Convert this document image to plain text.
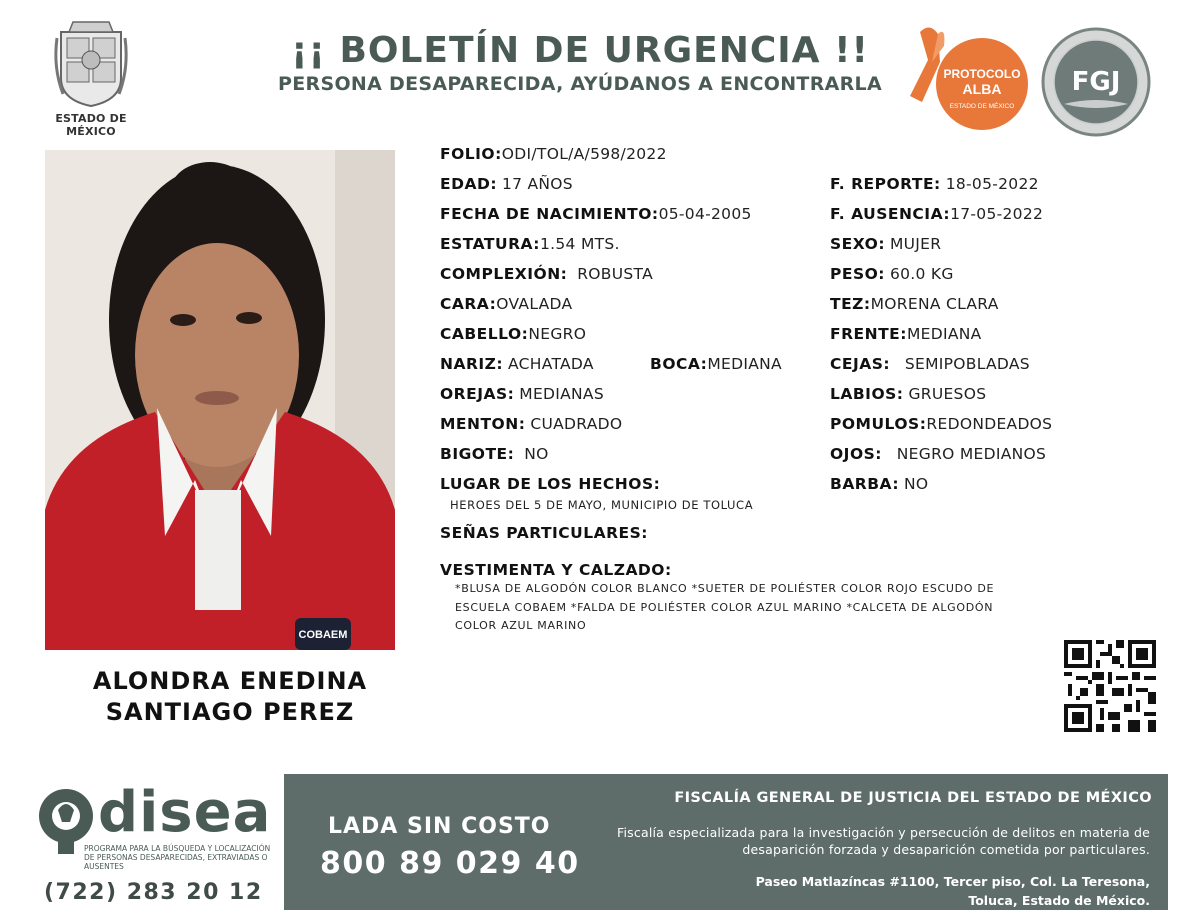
ESTADO DE MÉXICO
¡¡ BOLETÍN DE URGENCIA !!
PERSONA DESAPARECIDA, AYÚDANOS A ENCONTRARLA	PROTOCOLO
ALBA
ESTADO DE MÉXICO
FGJ
COBAEM
ALONDRA ENEDINA
SANTIAGO PEREZ
FOLIO:ODI/TOL/A/598/2022
EDAD: 17 AÑOS
FECHA DE NACIMIENTO:05-04-2005
ESTATURA:1.54 MTS.
COMPLEXIÓN: ROBUSTA
CARA:OVALADA
CABELLO:NEGRO
NARIZ: ACHATADA	BOCA:MEDIANA
OREJAS: MEDIANAS
MENTON: CUADRADO
BIGOTE: NO
LUGAR DE LOS HECHOS:
HEROES DEL 5 DE MAYO, MUNICIPIO DE TOLUCA
SEÑAS PARTICULARES:
VESTIMENTA Y CALZADO:
*BLUSA DE ALGODÓN COLOR BLANCO *SUETER DE POLIÉSTER COLOR ROJO ESCUDO DE ESCUELA COBAEM *FALDA DE POLIÉSTER COLOR AZUL MARINO *CALCETA DE ALGODÓN COLOR AZUL MARINO
F. REPORTE: 18-05-2022
F. AUSENCIA:17-05-2022
SEXO: MUJER
PESO: 60.0 KG
TEZ:MORENA CLARA
FRENTE:MEDIANA
CEJAS: SEMIPOBLADAS
LABIOS: GRUESOS
POMULOS:REDONDEADOS
OJOS: NEGRO MEDIANOS
BARBA: NO
disea
PROGRAMA PARA LA BÚSQUEDA Y LOCALIZACIÓN DE PERSONAS DESAPARECIDAS, EXTRAVIADAS O AUSENTES
(722) 283 20 12
LADA SIN COSTO
800 89 029 40
FISCALÍA GENERAL DE JUSTICIA DEL ESTADO DE MÉXICO
Fiscalía especializada para la investigación y persecución de delitos en materia de desaparición forzada y desaparición cometida por particulares.
Paseo Matlazíncas #1100, Tercer piso, Col. La Teresona,
Toluca, Estado de México.
